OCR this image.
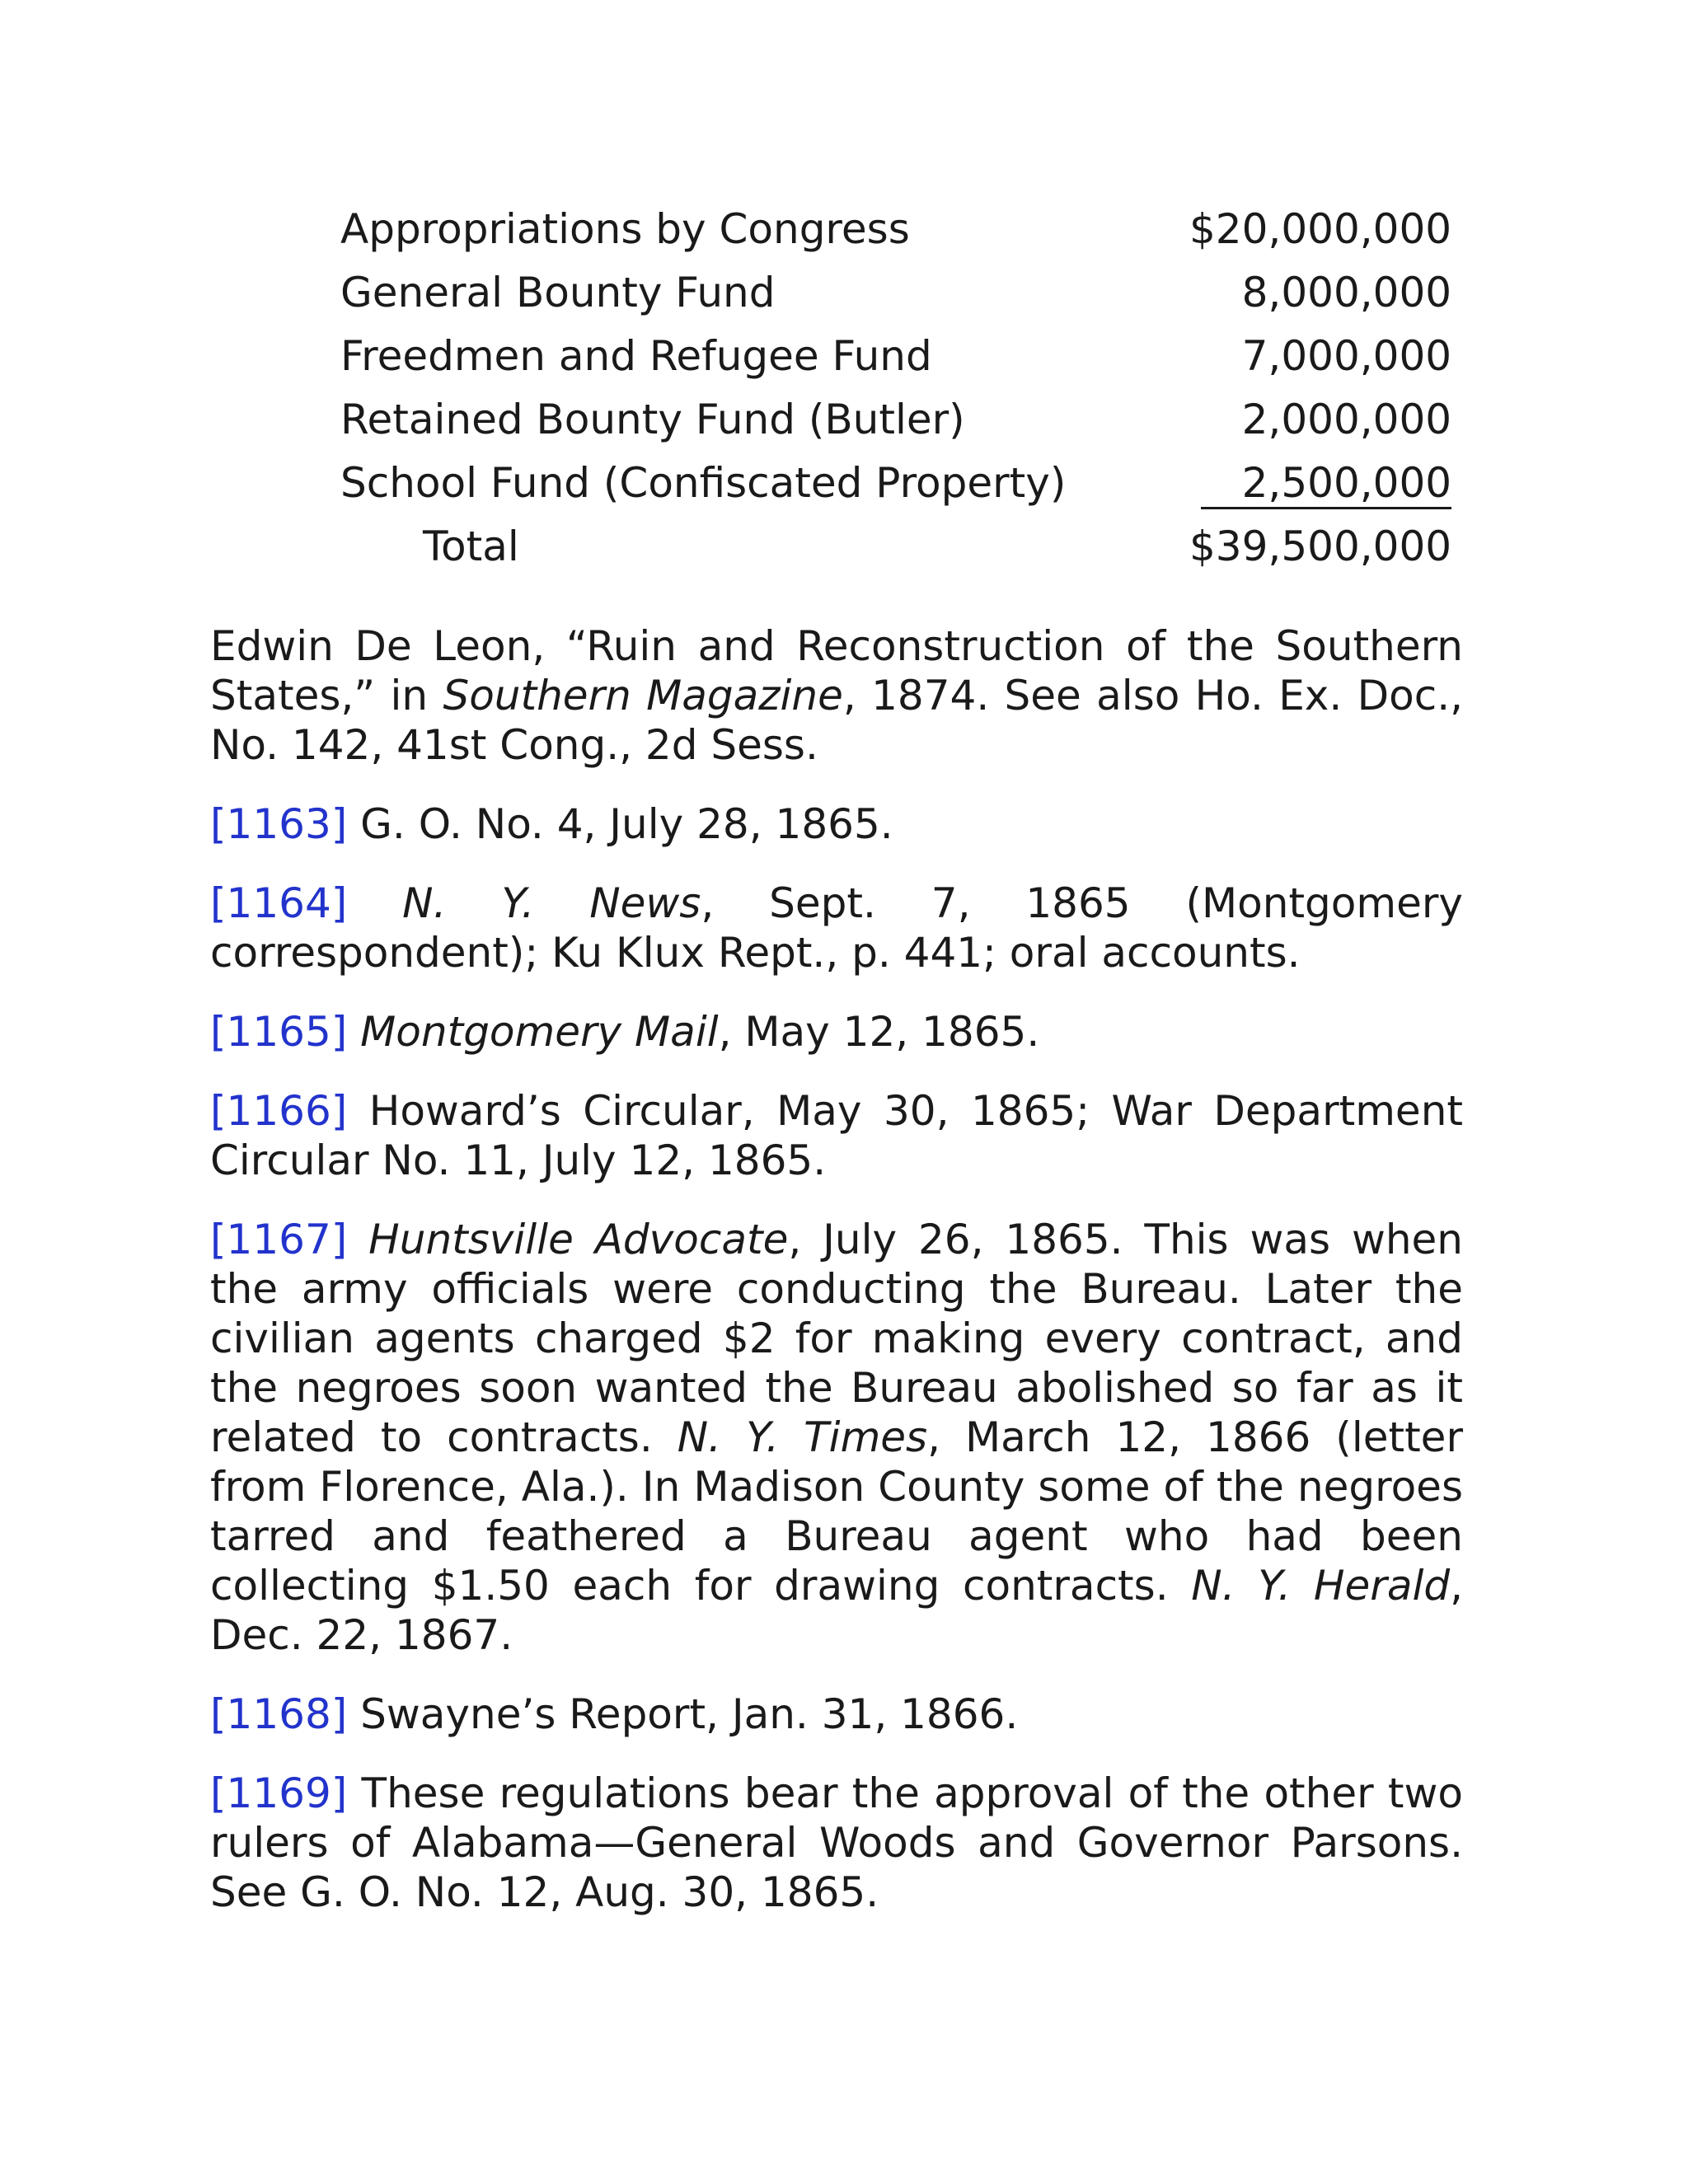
Appropriations by Congress	$20,000,000
General Bounty Fund	8,000,000
Freedmen and Refugee Fund	7,000,000
Retained Bounty Fund (Butler)	2,000,000
School Fund (Confiscated Property)	2,500,000
Total	$39,500,000

Edwin De Leon, “Ruin and Reconstruction of the Southern States,” in Southern Magazine, 1874. See also Ho. Ex. Doc., No. 142, 41st Cong., 2d Sess.

[1163] G. O. No. 4, July 28, 1865.

[1164] N. Y. News, Sept. 7, 1865 (Montgomery correspondent); Ku Klux Rept., p. 441; oral accounts.

[1165] Montgomery Mail, May 12, 1865.

[1166] Howard’s Circular, May 30, 1865; War Department Circular No. 11, July 12, 1865.

[1167] Huntsville Advocate, July 26, 1865. This was when the army officials were conducting the Bureau. Later the civilian agents charged $2 for making every contract, and the negroes soon wanted the Bureau abolished so far as it related to contracts. N. Y. Times, March 12, 1866 (letter from Florence, Ala.). In Madison County some of the negroes tarred and feathered a Bureau agent who had been collecting $1.50 each for drawing contracts. N. Y. Herald, Dec. 22, 1867.

[1168] Swayne’s Report, Jan. 31, 1866.

[1169] These regulations bear the approval of the other two rulers of Alabama—General Woods and Governor Parsons. See G. O. No. 12, Aug. 30, 1865.
